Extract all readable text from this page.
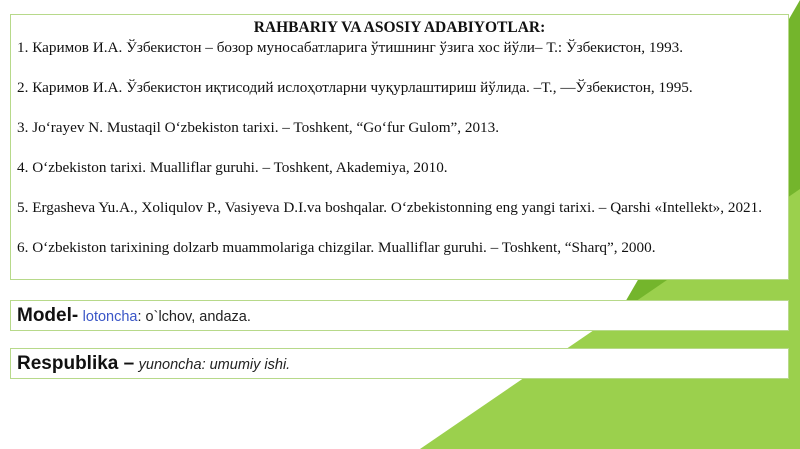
RAHBARIY VA ASOSIY ADABIYOTLAR:

1. Каримов И.А. Ўзбекистон – бозор муносабатларига ўтишнинг ўзига хос йўли– Т.: Ўзбекистон, 1993.

2. Каримов И.А. Ўзбекистон иқтисодий ислоҳотларни чуқурлаштириш йўлида. –Т., —Ўзбекистон, 1995.

3. Jo‘rayev N. Mustaqil O‘zbekiston tarixi. – Toshkent, “Go‘fur Gulom”, 2013.

4. O‘zbekiston tarixi. Mualliflar guruhi. – Toshkent, Akademiya, 2010.

5. Ergasheva Yu.A., Xoliqulov P., Vasiyeva D.I.va boshqalar. O‘zbekistonning eng yangi tarixi. – Qarshi «Intellekt», 2021.

6. O‘zbekiston tarixining dolzarb muammolariga chizgilar. Mualliflar guruhi. – Toshkent, “Sharq”, 2000.

Model- lotoncha: o`lchov, andaza.
Respublika – yunoncha: umumiy ishi.
